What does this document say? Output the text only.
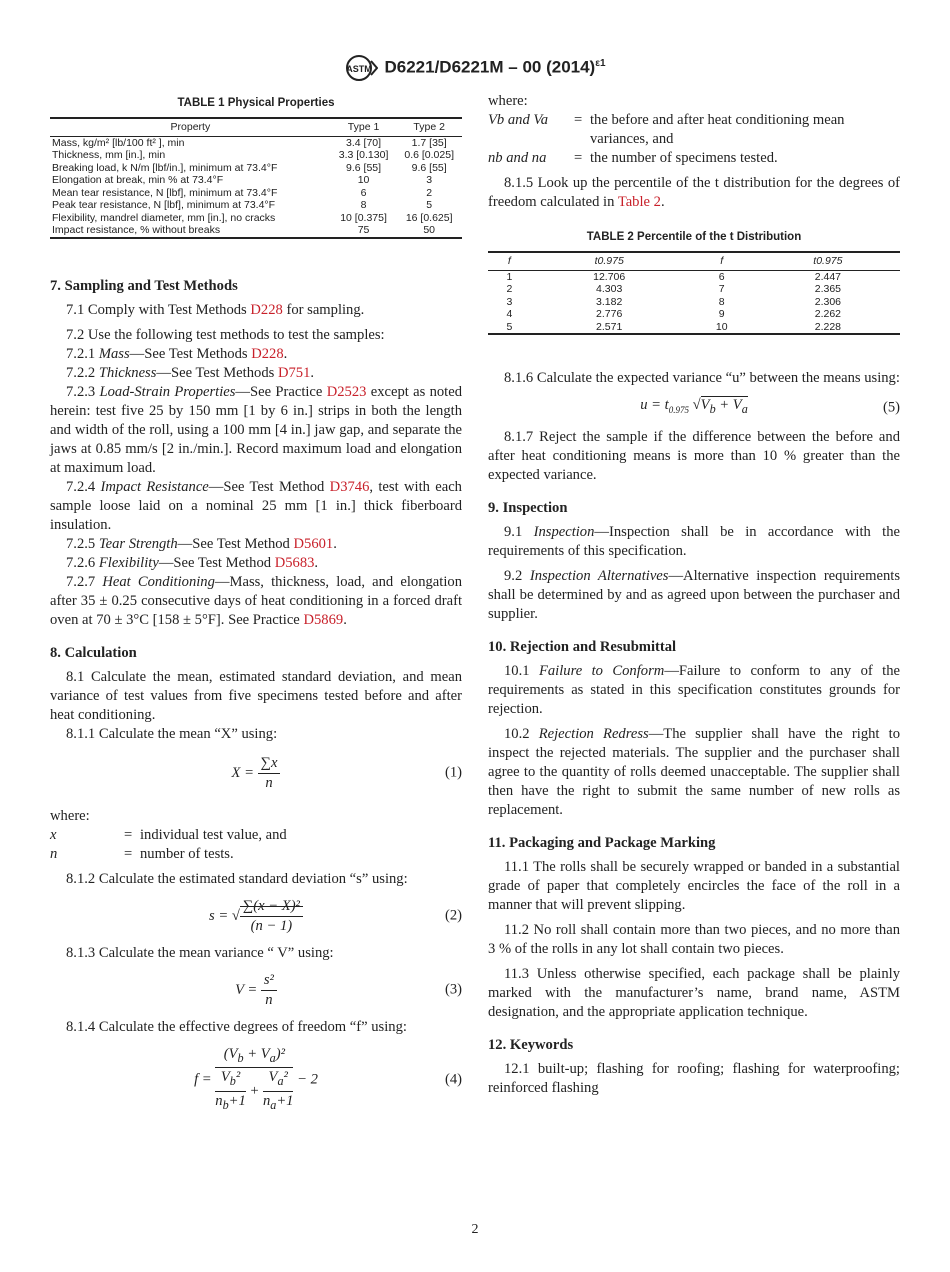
ASTM D6221/D6221M – 00 $(2014)^{\varepsilon 1}$
TABLE 1 Physical Properties
Property	Type 1	Type 2
Mass, kg/m² [lb/100 ft² ], min	3.4 [70]	1.7 [35]
Thickness, mm [in.], min	3.3 [0.130]	0.6 [0.025]
Breaking load, k N/m [lbf/in.], minimum at 73.4°F	9.6 [55]	9.6 [55]
Elongation at break, min % at 73.4°F	10	3
Mean tear resistance, N [lbf], minimum at 73.4°F	6	2
Peak tear resistance, N [lbf], minimum at 73.4°F	8	5
Flexibility, mandrel diameter, mm [in.], no cracks	10 [0.375]	16 [0.625]
Impact resistance, % without breaks	75	50
7. Sampling and Test Methods

7.1 Comply with Test Methods D228 for sampling.

7.2 Use the following test methods to test the samples:

7.2.1 Mass—See Test Methods D228.

7.2.2 Thickness—See Test Methods D751.

7.2.3 Load-Strain Properties—See Practice D2523 except as noted herein: test five 25 by 150 mm [1 by 6 in.] strips in both the length and width of the roll, using a 100 mm [4 in.] jaw gap, and separate the jaws at 0.85 mm/s [2 in./min.]. Record maximum load and elongation at maximum load.

7.2.4 Impact Resistance—See Test Method D3746, test with each sample loose laid on a nominal 25 mm [1 in.] thick fiberboard insulation.

7.2.5 Tear Strength—See Test Method D5601.

7.2.6 Flexibility—See Test Method D5683.

7.2.7 Heat Conditioning—Mass, thickness, load, and elongation after 35 ± 0.25 consecutive days of heat conditioning in a forced draft oven at 70 ± 3°C [158 ± 5°F]. See Practice D5869.

8. Calculation

8.1 Calculate the mean, estimated standard deviation, and mean variance of test values from five specimens tested before and after heat conditioning.

8.1.1 Calculate the mean “X” using:

$X = \frac{\sum x}{n}$	(1)

where:

x	= individual test value, and
n	= number of tests.

8.1.2 Calculate the estimated standard deviation “s” using:

s = √ $\frac{\text{∑(x − X)²}}{(n - 1)}$	(2)

8.1.3 Calculate the mean variance “ V” using:

$V = \frac{\text{s²}}{n}$	(3)

8.1.4 Calculate the effective degrees of freedom “f” using:

$f = \frac{(V_b + V_a)^2}{\frac{V_b^2}{n_b+1} + \frac{V_a^2}{n_a+1}} - 2$	(4)

where:

Vb and Va	= the before and after heat conditioning mean variances, and
nb and na	= the number of specimens tested.

8.1.5 Look up the percentile of the t distribution for the degrees of freedom calculated in Table 2.

TABLE 2 Percentile of the t Distribution
f	t0.975	f	t0.975
1	12.706	6	2.447
2	4.303	7	2.365
3	3.182	8	2.306
4	2.776	9	2.262
5	2.571	10	2.228

8.1.6 Calculate the expected variance “u” between the means using:

$u = t_{0.975}$ $√V_b + V_a$	(5)

8.1.7 Reject the sample if the difference between the before and after heat conditioning means is more than 10 % greater than the expected variance.

9. Inspection

9.1 Inspection—Inspection shall be in accordance with the requirements of this specification.

9.2 Inspection Alternatives—Alternative inspection requirements shall be determined by and as agreed upon between the purchaser and supplier.

10. Rejection and Resubmittal

10.1 Failure to Conform—Failure to conform to any of the requirements as stated in this specification constitutes grounds for rejection.

10.2 Rejection Redress—The supplier shall have the right to inspect the rejected materials. The supplier and the purchaser shall agree to the quantity of rolls deemed unacceptable. The supplier shall then have the right to submit the same number of new rolls as replacement.

11. Packaging and Package Marking

11.1 The rolls shall be securely wrapped or banded in a substantial grade of paper that completely encircles the face of the roll in a manner that will prevent slipping.

11.2 No roll shall contain more than two pieces, and no more than 3 % of the rolls in any lot shall contain two pieces.

11.3 Unless otherwise specified, each package shall be plainly marked with the manufacturer’s name, brand name, ASTM designation, and the appropriate application technique.

12. Keywords

12.1 built-up; flashing for roofing; flashing for waterproofing; reinforced flashing

2
